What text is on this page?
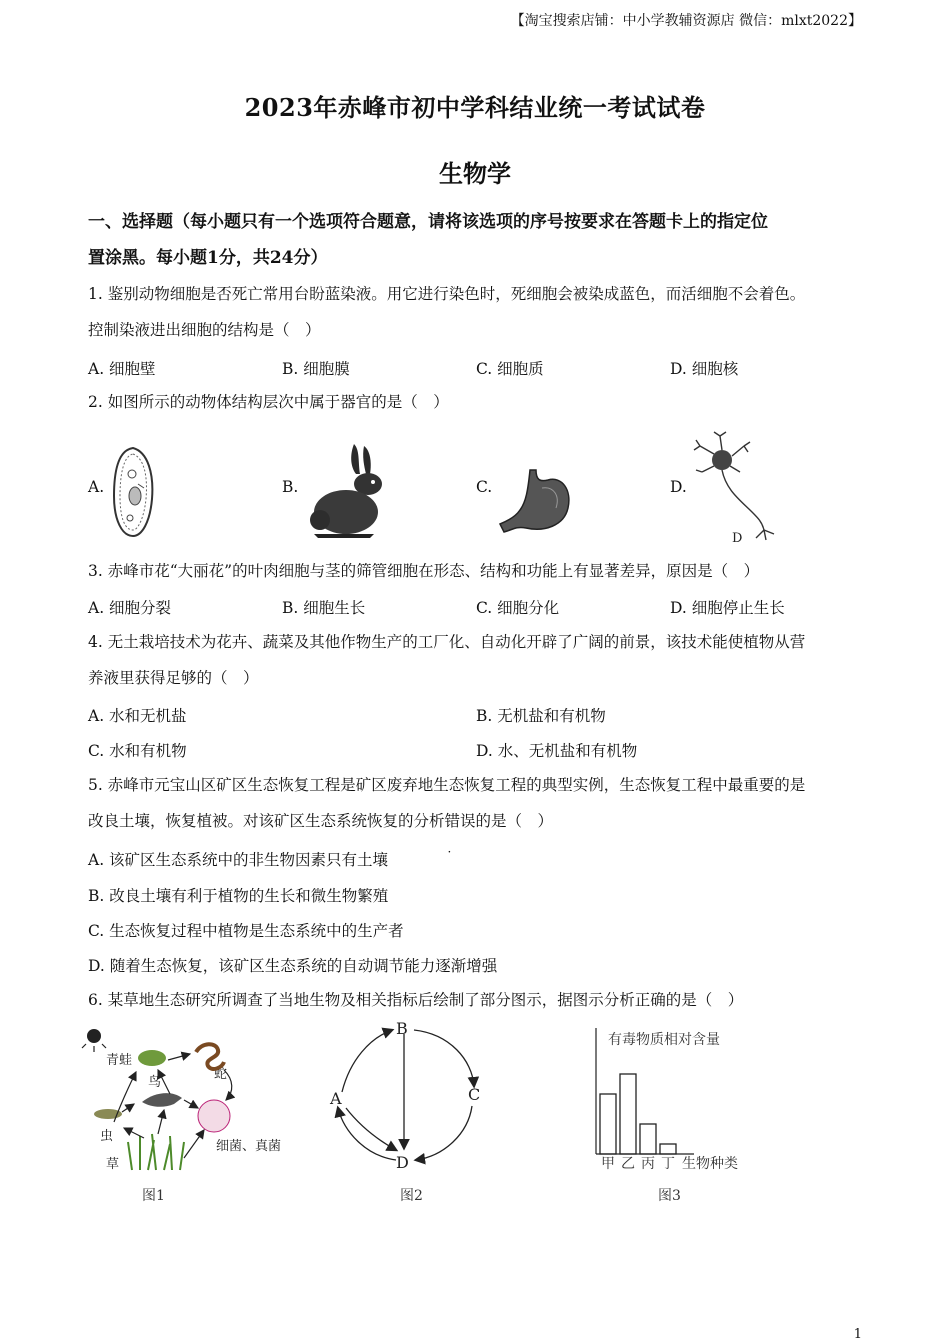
【淘宝搜索店铺：中小学教辅资源店 微信：mlxt2022】
2023年赤峰市初中学科结业统一考试试卷
生物学
一、选择题（每小题只有一个选项符合题意，请将该选项的序号按要求在答题卡上的指定位
置涂黑。每小题1分，共24分）
1. 鉴别动物细胞是否死亡常用台盼蓝染液。用它进行染色时，死细胞会被染成蓝色，而活细胞不会着色。
控制染液进出细胞的结构是（　）
A. 细胞壁	B. 细胞膜	C. 细胞质	D. 细胞核
2. 如图所示的动物体结构层次中属于器官的是（　）
A.	B.	C.	D.
D
3. 赤峰市花“大丽花”的叶肉细胞与茎的筛管细胞在形态、结构和功能上有显著差异，原因是（　）
A. 细胞分裂	B. 细胞生长	C. 细胞分化	D. 细胞停止生长
4. 无土栽培技术为花卉、蔬菜及其他作物生产的工厂化、自动化开辟了广阔的前景，该技术能使植物从营
养液里获得足够的（　）
A. 水和无机盐	B. 无机盐和有机物
C. 水和有机物	D. 水、无机盐和有机物
5. 赤峰市元宝山区矿区生态恢复工程是矿区废弃地生态恢复工程的典型实例，生态恢复工程中最重要的是
改良土壤，恢复植被。对该矿区生态系统恢复的分析错误 · ·的是（　）
A. 该矿区生态系统中的非生物因素只有土壤
B. 改良土壤有利于植物的生长和微生物繁殖
C. 生态恢复过程中植物是生态系统中的生产者
D. 随着生态恢复，该矿区生态系统的自动调节能力逐渐增强
6. 某草地生态研究所调查了当地生物及相关指标后绘制了部分图示，据图示分析正确的是（　）
青蛙
蛇
鸟
虫
草
细菌、真菌
图1
B
C
A
D
图2
有毒物质相对含量
生物种类
甲 乙 丙 丁
图3
1
